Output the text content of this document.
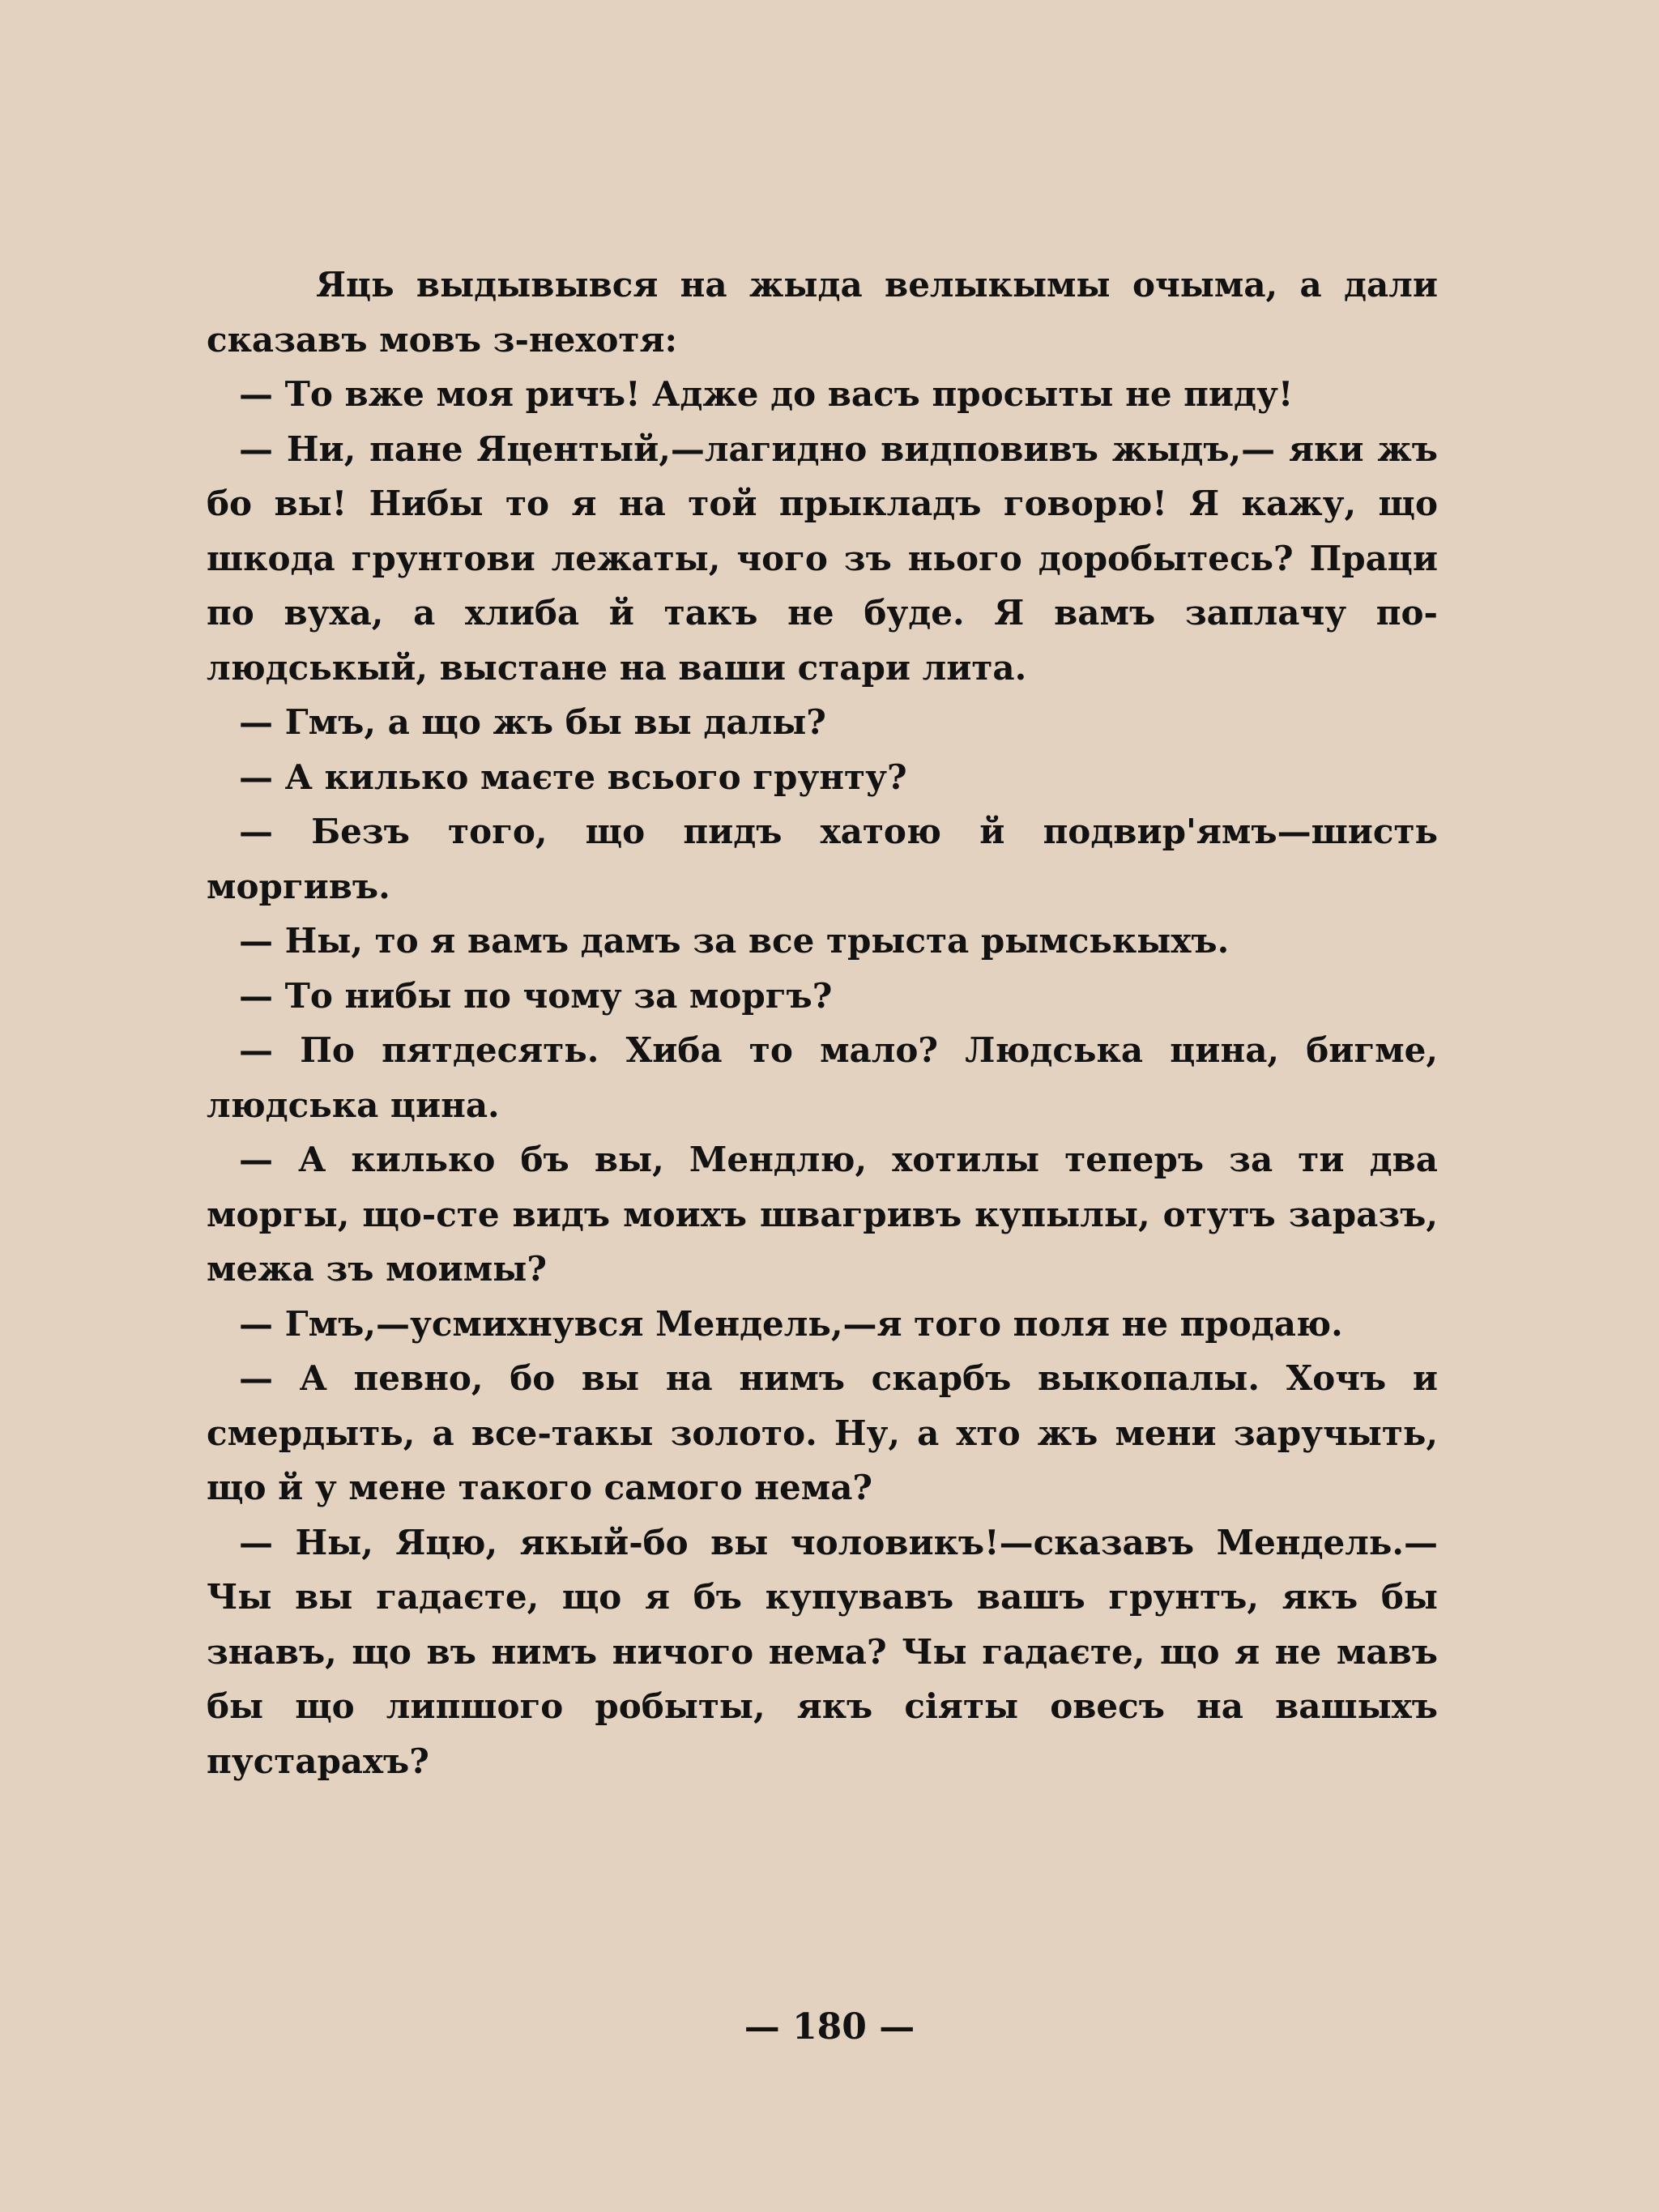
Яць выдывывся на жыда велыкымы очыма, а дали сказавъ мовъ з-нехотя:

— То вже моя ричъ! Адже до васъ просыты не пиду!

— Ни, пане Яцентый,—лагидно видповивъ жыдъ,— яки жъ бо вы! Нибы то я на той прыкладъ говорю! Я кажу, що шкода грунтови лежаты, чого зъ нього доробытесь? Праци по вуха, а хлиба й такъ не буде. Я вамъ заплачу по-людськый, выстане на ваши стари лита.

— Гмъ, а що жъ бы вы далы?

— А килько маєте всього грунту?

— Безъ того, що пидъ хатою й подвир'ямъ—шисть моргивъ.

— Ны, то я вамъ дамъ за все трыста рымськыхъ.

— То нибы по чому за моргъ?

— По пятдесять. Хиба то мало? Людська цина, бигме, людська цина.

— А килько бъ вы, Мендлю, хотилы теперъ за ти два моргы, що-сте видъ моихъ швагривъ купылы, отутъ заразъ, межа зъ моимы?

— Гмъ,—усмихнувся Мендель,—я того поля не продаю.

— А певно, бо вы на нимъ скарбъ выкопалы. Хочъ и смердыть, а все-такы золото. Ну, а хто жъ мени заручыть, що й у мене такого самого нема?

— Ны, Яцю, якый-бо вы чоловикъ!—сказавъ Мендель.—Чы вы гадаєте, що я бъ купувавъ вашъ грунтъ, якъ бы знавъ, що въ нимъ ничого нема? Чы гадаєте, що я не мавъ бы що липшого робыты, якъ сiяты овесъ на вашыхъ пустарахъ?

— 180 —
